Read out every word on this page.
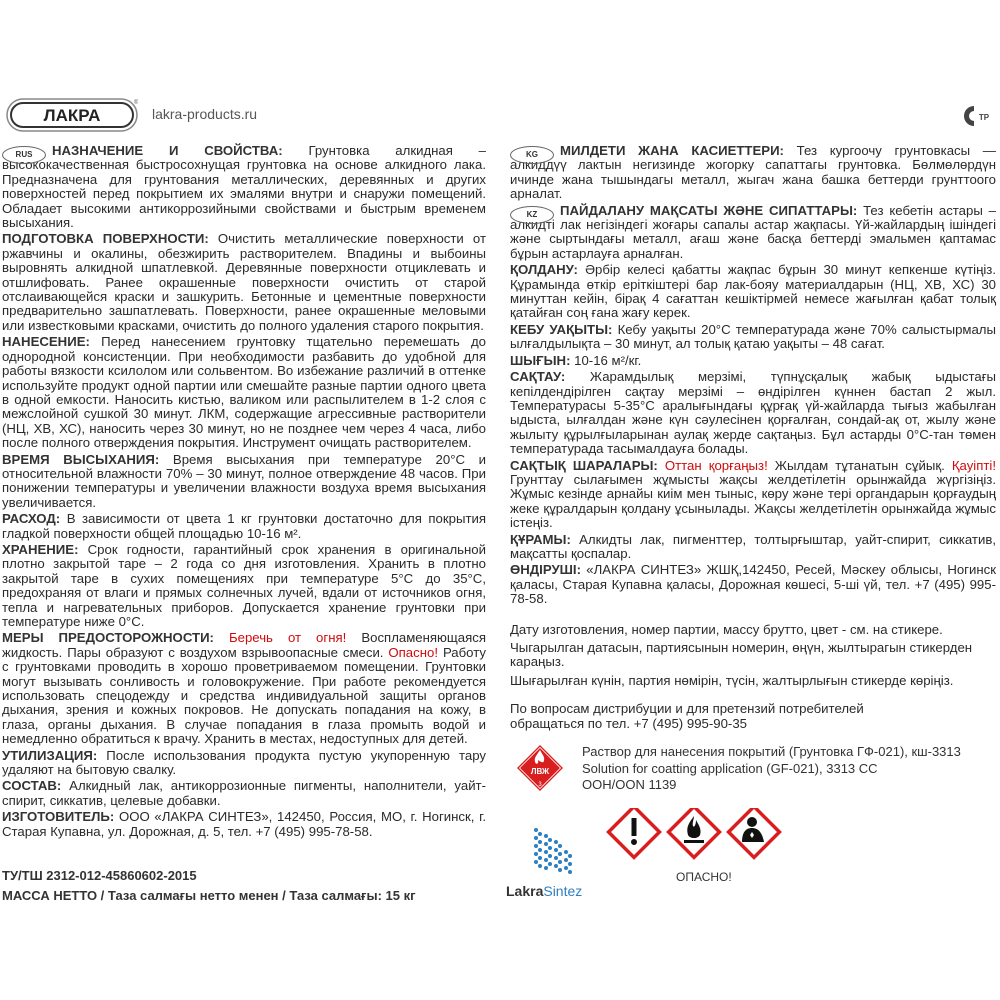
ЛАКРА
®
lakra-products.ru	TP
RUS	НАЗНАЧЕНИЕ И СВОЙСТВА: Грунтовка алкидная – высококачественная быстросохнущая грунтовка на основе алкидного лака. Предназначена для грунтования металлических, деревянных и других поверхностей перед покрытием их эмалями внутри и снаружи помещений. Обладает высокими антикоррозийными свойствами и быстрым временем высыхания.
ПОДГОТОВКА ПОВЕРХНОСТИ: Очистить металлические поверхности от ржавчины и окалины, обезжирить растворителем. Впадины и выбоины выровнять алкидной шпатлевкой. Деревянные поверхности отциклевать и отшлифовать. Ранее окрашенные поверхности очистить от старой отслаивающейся краски и зашкурить. Бетонные и цементные поверхности предварительно зашпатлевать. Поверхности, ранее окрашенные меловыми или известковыми красками, очистить до полного удаления старого покрытия.
НАНЕСЕНИЕ: Перед нанесением грунтовку тщательно перемешать до однородной консистенции. При необходимости разбавить до удобной для работы вязкости ксилолом или сольвентом. Во избежание различий в оттенке используйте продукт одной партии или смешайте разные партии одного цвета в одной емкости. Наносить кистью, валиком или распылителем в 1-2 слоя с межслойной сушкой 30 минут. ЛКМ, содержащие агрессивные растворители (НЦ, ХВ, ХС), наносить через 30 минут, но не позднее чем через 4 часа, либо после полного отверждения покрытия. Инструмент очищать растворителем.
ВРЕМЯ ВЫСЫХАНИЯ: Время высыхания при температуре 20°С и относительной влажности 70% – 30 минут, полное отверждение 48 часов. При понижении температуры и увеличении влажности воздуха время высыхания увеличивается.
РАСХОД: В зависимости от цвета 1 кг грунтовки достаточно для покрытия гладкой поверхности общей площадью 10-16 м².
ХРАНЕНИЕ: Срок годности, гарантийный срок хранения в оригинальной плотно закрытой таре – 2 года со дня изготовления. Хранить в плотно закрытой таре в сухих помещениях при температуре 5°С до 35°С, предохраняя от влаги и прямых солнечных лучей, вдали от источников огня, тепла и нагревательных приборов. Допускается хранение грунтовки при температуре ниже 0°С.
МЕРЫ ПРЕДОСТОРОЖНОСТИ: Беречь от огня! Воспламеняющаяся жидкость. Пары образуют с воздухом взрывоопасные смеси. Опасно! Работу с грунтовками проводить в хорошо проветриваемом помещении. Грунтовки могут вызывать сонливость и головокружение. При работе рекомендуется использовать спецодежду и средства индивидуальной защиты органов дыхания, зрения и кожных покровов. Не допускать попадания на кожу, в глаза, органы дыхания. В случае попадания в глаза промыть водой и немедленно обратиться к врачу. Хранить в местах, недоступных для детей.
УТИЛИЗАЦИЯ: После использования продукта пустую укупоренную тару удаляют на бытовую свалку.
СОСТАВ: Алкидный лак, антикоррозионные пигменты, наполнители, уайт-спирит, сиккатив, целевые добавки.
ИЗГОТОВИТЕЛЬ: ООО «ЛАКРА СИНТЕЗ», 142450, Россия, МО, г. Ногинск, г. Старая Купавна, ул. Дорожная, д. 5, тел. +7 (495) 995-78-58.
KG	МИЛДЕТИ ЖАНА КАСИЕТТЕРИ: Тез кургоочу грунтовкасы — алкиддүү лактын негизинде жогорку сапаттагы грунтовка. Бөлмөлөрдүн ичинде жана тышындагы металл, жыгач жана башка беттерди грунттоого арналат.
KZ	ПАЙДАЛАНУ МАҚСАТЫ ЖӘНЕ СИПАТТАРЫ: Тез кебетін астары – алкидті лак негізіндегі жоғары сапалы астар жақпасы. Үй-жайлардың ішіндегі және сыртындағы металл, ағаш және басқа беттерді эмальмен қаптамас бұрын астарлауға арналған.
ҚОЛДАНУ: Әрбір келесі қабатты жақпас бұрын 30 минут кепкенше күтіңіз. Құрамында өткір еріткіштері бар лак-бояу материалдарын (НЦ, ХВ, ХС) 30 минуттан кейін, бірақ 4 сағаттан кешіктірмей немесе жағылған қабат толық қатайған соң ғана жағу керек.
КЕБУ УАҚЫТЫ: Кебу уақыты 20°С температурада және 70% салыстырмалы ылғалдылықта – 30 минут, ал толық қатаю уақыты – 48 сағат.
ШЫҒЫН: 10-16 м²/кг.
САҚТАУ: Жарамдылық мерзімі, түпнұсқалық жабық ыдыстағы кепілдендірілген сақтау мерзімі – өндірілген күннен бастап 2 жыл. Температурасы 5-35°С аралығындағы құрғақ үй-жайларда тығыз жабылған ыдыста, ылғалдан және күн сәулесінен қорғалған, сондай-ақ от, жылу және жылыту құрылғыларынан аулақ жерде сақтаңыз. Бұл астарды 0°С-тан төмен температурада тасымалдауға болады.
САҚТЫҚ ШАРАЛАРЫ: Оттан қорғаңыз! Жылдам тұтанатын сұйық. Қауіпті! Грунттау сылағымен жұмысты жақсы желдетілетін орынжайда жүргізіңіз. Жұмыс кезінде арнайы киім мен тыныс, көру және тері органдарын қорғаудың жеке құралдарын қолдану ұсынылады. Жақсы желдетілетін орынжайда жұмыс істеңіз.
ҚҰРАМЫ: Алкидты лак, пигменттер, толтырғыштар, уайт-спирит, сиккатив, мақсатты қоспалар.
ӨНДІРУШІ: «ЛАКРА СИНТЕЗ» ЖШҚ,142450, Ресей, Мәскеу облысы, Ногинск қаласы, Старая Купавна қаласы, Дорожная көшесі, 5-ші үй, тел. +7 (495) 995-78-58.

Дату изготовления, номер партии, массу брутто, цвет - см. на стикере.

Чыгарылган датасын, партиясынын номерин, өңүн, жылтырагын стикерден караңыз.

Шығарылған күнін, партия нөмірін, түсін, жалтырлығын стикерде көріңіз.

По вопросам дистрибуции и для претензий потребителей обращаться по тел. +7 (495) 995-90-35

ЛВЖ
3
Раствор для нанесения покрытий (Грунтовка ГФ-021), кш-3313
Solution for coatting application (GF-021), 3313 СС
ООН/ООN 1139
LakraSintez
ОПАСНО!
ТУ/ТШ 2312-012-45860602-2015
МАССА НЕТТО / Таза салмағы нетто менен / Таза салмағы: 15 кг
